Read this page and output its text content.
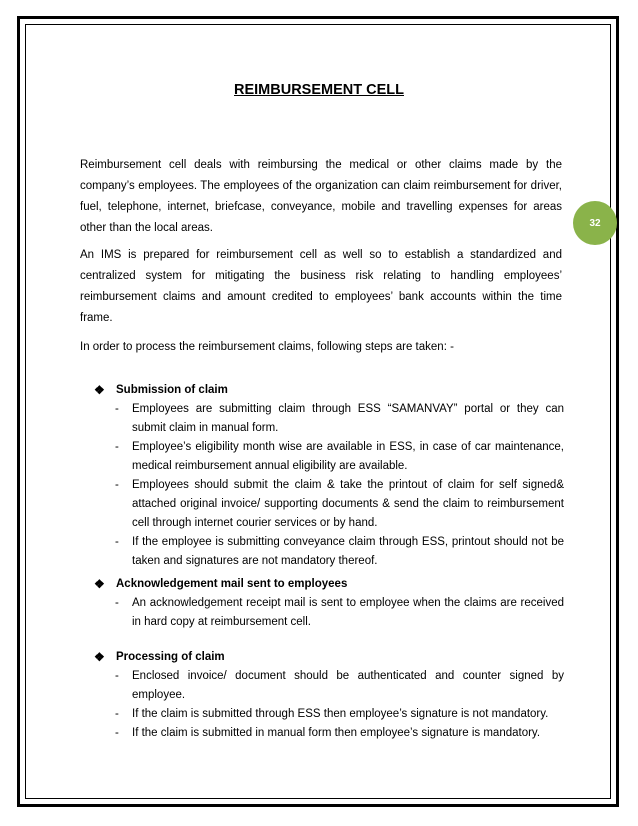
32
REIMBURSEMENT CELL

Reimbursement cell deals with reimbursing the medical or other claims made by the company’s employees. The employees of the organization can claim reimbursement for driver, fuel, telephone, internet, briefcase, conveyance, mobile and travelling expenses for areas other than the local areas.

An IMS is prepared for reimbursement cell as well so to establish a standardized and centralized system for mitigating the business risk relating to handling employees’ reimbursement claims and amount credited to employees’ bank accounts within the time frame.

In order to process the reimbursement claims, following steps are taken: -

❖ Submission of claim

- Employees are submitting claim through ESS “SAMANVAY” portal or they can submit claim in manual form.

- Employee’s eligibility month wise are available in ESS, in case of car maintenance, medical reimbursement annual eligibility are available.

- Employees should submit the claim & take the printout of claim for self signed& attached original invoice/ supporting documents & send the claim to reimbursement cell through internet courier services or by hand.

- If the employee is submitting conveyance claim through ESS, printout should not be taken and signatures are not mandatory thereof.

❖ Acknowledgement mail sent to employees

- An acknowledgement receipt mail is sent to employee when the claims are received in hard copy at reimbursement cell.

❖ Processing of claim

- Enclosed invoice/ document should be authenticated and counter signed by employee.

- If the claim is submitted through ESS then employee’s signature is not mandatory.

- If the claim is submitted in manual form then employee’s signature is mandatory.
